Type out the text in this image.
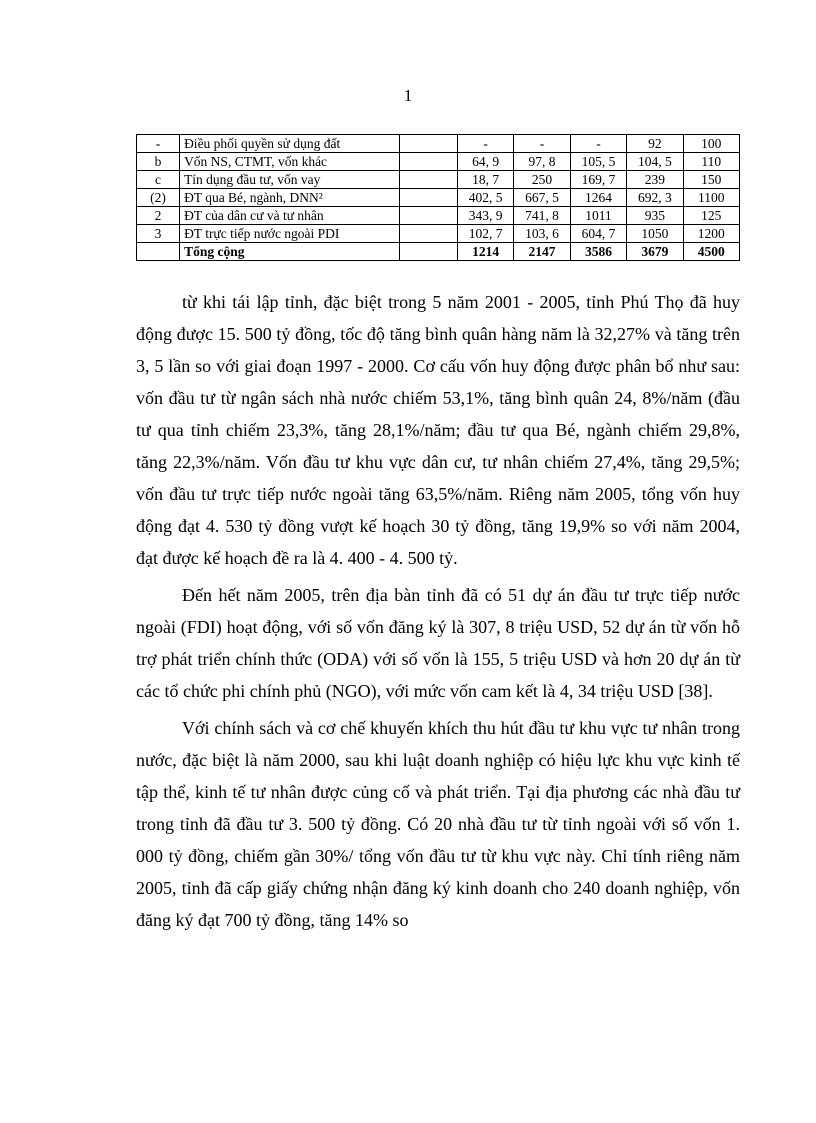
1
-	Điều phối quyền sử dụng đất		-	-	-	92	100
b	Vốn NS, CTMT, vốn khác		64, 9	97, 8	105, 5	104, 5	110
c	Tín dụng đầu tư, vốn vay		18, 7	250	169, 7	239	150
(2)	ĐT qua Bé, ngành, DNN²		402, 5	667, 5	1264	692, 3	1100
2	ĐT của dân cư và tư nhân		343, 9	741, 8	1011	935	125
3	ĐT trực tiếp nước ngoài PDI		102, 7	103, 6	604, 7	1050	1200
	Tổng cộng		1214	2147	3586	3679	4500

từ khi tái lập tỉnh, đặc biệt trong 5 năm 2001 - 2005, tỉnh Phú Thọ đã huy động được 15. 500 tỷ đồng, tốc độ tăng bình quân hàng năm là 32,27% và tăng trên 3, 5 lần so với giai đoạn 1997 - 2000. Cơ cấu vốn huy động được phân bổ như sau: vốn đầu tư từ ngân sách nhà nước chiếm 53,1%, tăng bình quân 24, 8%/năm (đầu tư qua tỉnh chiếm 23,3%, tăng 28,1%/năm; đầu tư qua Bé, ngành chiếm 29,8%, tăng 22,3%/năm. Vốn đầu tư khu vực dân cư, tư nhân chiếm 27,4%, tăng 29,5%; vốn đầu tư trực tiếp nước ngoài tăng 63,5%/năm. Riêng năm 2005, tổng vốn huy động đạt 4. 530 tỷ đồng vượt kế hoạch 30 tỷ đồng, tăng 19,9% so với năm 2004, đạt được kế hoạch đề ra là 4. 400 - 4. 500 tỷ.

Đến hết năm 2005, trên địa bàn tỉnh đã có 51 dự án đầu tư trực tiếp nước ngoài (FDI) hoạt động, với số vốn đăng ký là 307, 8 triệu USD, 52 dự án từ vốn hỗ trợ phát triển chính thức (ODA) với số vốn là 155, 5 triệu USD và hơn 20 dự án từ các tổ chức phi chính phủ (NGO), với mức vốn cam kết là 4, 34 triệu USD [38].

Với chính sách và cơ chế khuyến khích thu hút đầu tư khu vực tư nhân trong nước, đặc biệt là năm 2000, sau khi luật doanh nghiệp có hiệu lực khu vực kinh tế tập thể, kinh tế tư nhân được củng cố và phát triển. Tại địa phương các nhà đầu tư trong tỉnh đã đầu tư 3. 500 tỷ đồng. Có 20 nhà đầu tư từ tỉnh ngoài với số vốn 1. 000 tỷ đồng, chiếm gần 30%/ tổng vốn đầu tư từ khu vực này. Chỉ tính riêng năm 2005, tỉnh đã cấp giấy chứng nhận đăng ký kinh doanh cho 240 doanh nghiệp, vốn đăng ký đạt 700 tỷ đồng, tăng 14% so
